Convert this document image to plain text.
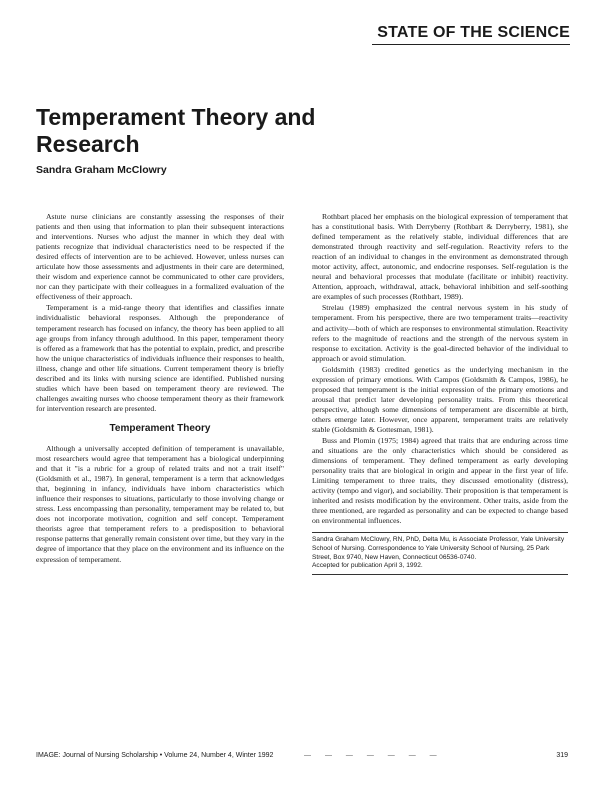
STATE OF THE SCIENCE
Temperament Theory and Research

Sandra Graham McClowry

Astute nurse clinicians are constantly assessing the responses of their patients and then using that information to plan their subsequent interactions and interventions. Nurses who adjust the manner in which they deal with patients recognize that individual characteristics need to be respected if the desired effects of intervention are to be achieved. However, unless nurses can articulate how those assessments and adjustments in their care are determined, their wisdom and experience cannot be communicated to other care providers, nor can they participate with their colleagues in a formalized evaluation of the effectiveness of their approach.

Temperament is a mid-range theory that identifies and classifies innate individualistic behavioral responses. Although the preponderance of temperament research has focused on infancy, the theory has been applied to all age groups from infancy through adulthood. In this paper, temperament theory is offered as a framework that has the potential to explain, predict, and prescribe how the unique characteristics of individuals influence their responses to health, illness, change and other life situations. Current temperament theory is briefly described and its links with nursing science are identified. Published nursing studies which have been based on temperament theory are reviewed. The challenges awaiting nurses who choose temperament theory as their framework for intervention research are presented.

Temperament Theory

Although a universally accepted definition of temperament is unavailable, most researchers would agree that temperament has a biological underpinning and that it "is a rubric for a group of related traits and not a trait itself" (Goldsmith et al., 1987). In general, temperament is a term that acknowledges that, beginning in infancy, individuals have inborn characteristics which influence their responses to situations, particularly to those involving change or stress. Less encompassing than personality, temperament may be related to, but does not incorporate motivation, cognition and self concept. Temperament theorists agree that temperament refers to a predisposition to behavioral response patterns that generally remain consistent over time, but they vary in the degree of importance that they place on the environment and its influence on the expression of temperament.

Rothbart placed her emphasis on the biological expression of temperament that has a constitutional basis. With Derryberry (Rothbart & Derryberry, 1981), she defined temperament as the relatively stable, individual differences that are demonstrated through reactivity and self-regulation. Reactivity refers to the reaction of an individual to changes in the environment as demonstrated through motor activity, affect, autonomic, and endocrine responses. Self-regulation is the neural and behavioral processes that modulate (facilitate or inhibit) reactivity. Attention, approach, withdrawal, attack, behavioral inhibition and self-soothing are examples of such processes (Rothbart, 1989).

Strelau (1989) emphasized the central nervous system in his study of temperament. From his perspective, there are two temperament traits—reactivity and activity—both of which are responses to environmental stimulation. Reactivity refers to the magnitude of reactions and the strength of the nervous system in response to excitation. Activity is the goal-directed behavior of the individual to approach or avoid stimulation.

Goldsmith (1983) credited genetics as the underlying mechanism in the expression of primary emotions. With Campos (Goldsmith & Campos, 1986), he proposed that temperament is the initial expression of the primary emotions and arousal that predict later developing personality traits. From this theoretical perspective, although some dimensions of temperament are discernible at birth, others emerge later. However, once apparent, temperament traits are relatively stable (Goldsmith & Gottesman, 1981).

Buss and Plomin (1975; 1984) agreed that traits that are enduring across time and situations are the only characteristics which should be considered as dimensions of temperament. They defined temperament as early developing personality traits that are biological in origin and appear in the first year of life. Limiting temperament to three traits, they discussed emotionality (distress), activity (tempo and vigor), and sociability. Their proposition is that temperament is inherited and resists modification by the environment. Other traits, aside from the three mentioned, are regarded as personality and can be expected to change based on environmental influences.

Sandra Graham McClowry, RN, PhD, Delta Mu, is Associate Professor, Yale University School of Nursing. Correspondence to Yale University School of Nursing, 25 Park Street, Box 9740, New Haven, Connecticut 06536-0740.

Accepted for publication April 3, 1992.

IMAGE: Journal of Nursing Scholarship • Volume 24, Number 4, Winter 1992	— — — — — — —	319
